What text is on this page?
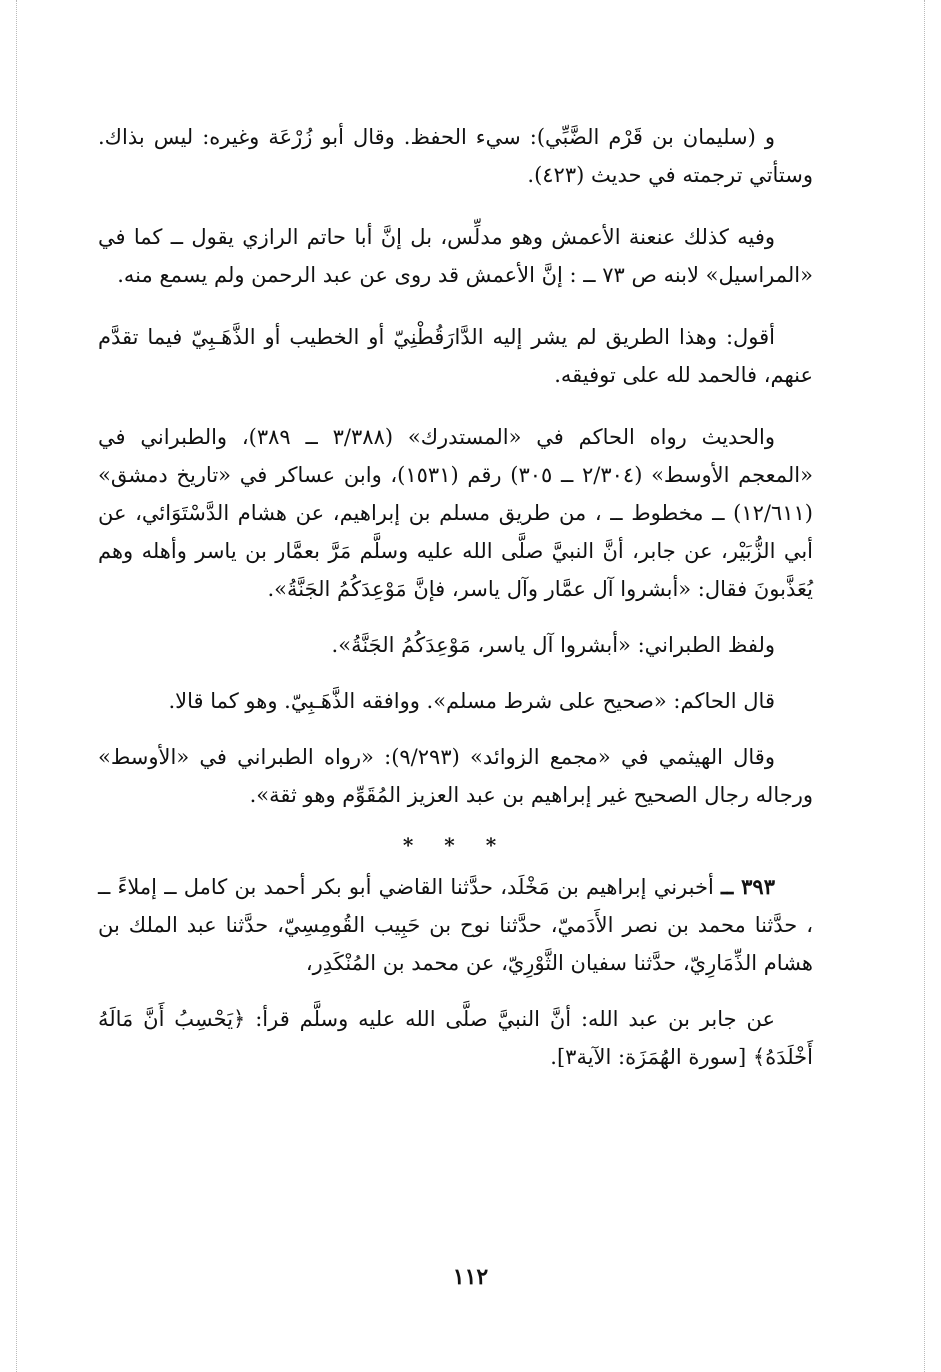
و (سليمان بن قَرْم الضَّبِّي): سيء الحفظ. وقال أبو زُرْعَة وغيره: ليس بذاك. وستأتي ترجمته في حديث (٤٢٣).

وفيه كذلك عنعنة الأعمش وهو مدلِّس، بل إنَّ أبا حاتم الرازي يقول ــ كما في «المراسيل» لابنه ص ٧٣ ــ : إنَّ الأعمش قد روى عن عبد الرحمن ولم يسمع منه.

أقول: وهذا الطريق لم يشر إليه الدَّارَقُطْنِيّ أو الخطيب أو الذَّهَـبِيّ فيما تقدَّم عنهم، فالحمد لله على توفيقه.

والحديث رواه الحاكم في «المستدرك» (٣/٣٨٨ ــ ٣٨٩)، والطبراني في «المعجم الأوسط» (٢/٣٠٤ ــ ٣٠٥) رقم (١٥٣١)، وابن عساكر في «تاريخ دمشق» (١٢/٦١١) ــ مخطوط ــ ، من طريق مسلم بن إبراهيم، عن هشام الدَّسْتَوَائي، عن أبي الزُّبَيْر، عن جابر، أنَّ النبيَّ صلَّى الله عليه وسلَّم مَرَّ بعمَّار بن ياسر وأهله وهم يُعَذَّبونَ فقال: «أبشروا آل عمَّار وآل ياسر، فإنَّ مَوْعِدَكُمُ الجَنَّةُ».

ولفظ الطبراني: «أبشروا آل ياسر، مَوْعِدَكُمُ الجَنَّةُ».

قال الحاكم: «صحيح على شرط مسلم». ووافقه الذَّهَـبِيّ. وهو كما قالا.

وقال الهيثمي في «مجمع الزوائد» (٩/٢٩٣): «رواه الطبراني في «الأوسط» ورجاله رجال الصحيح غير إبراهيم بن عبد العزيز المُقَوِّم وهو ثقة».

* * *

٣٩٣ ــ أخبرني إبراهيم بن مَخْلَد، حدَّثنا القاضي أبو بكر أحمد بن كامل ــ إملاءً ــ ، حدَّثنا محمد بن نصر الأَدَميّ، حدَّثنا نوح بن حَبِيب القُومِسِيّ، حدَّثنا عبد الملك بن هشام الذِّمَارِيّ، حدَّثنا سفيان الثَّوْرِيّ، عن محمد بن المُنْكَدِر،

عن جابر بن عبد الله: أنَّ النبيَّ صلَّى الله عليه وسلَّم قرأ: ﴿يَحْسِبُ أَنَّ مَالَهُ أَخْلَدَهُ﴾ [سورة الهُمَزَة: الآية٣].

١١٢
